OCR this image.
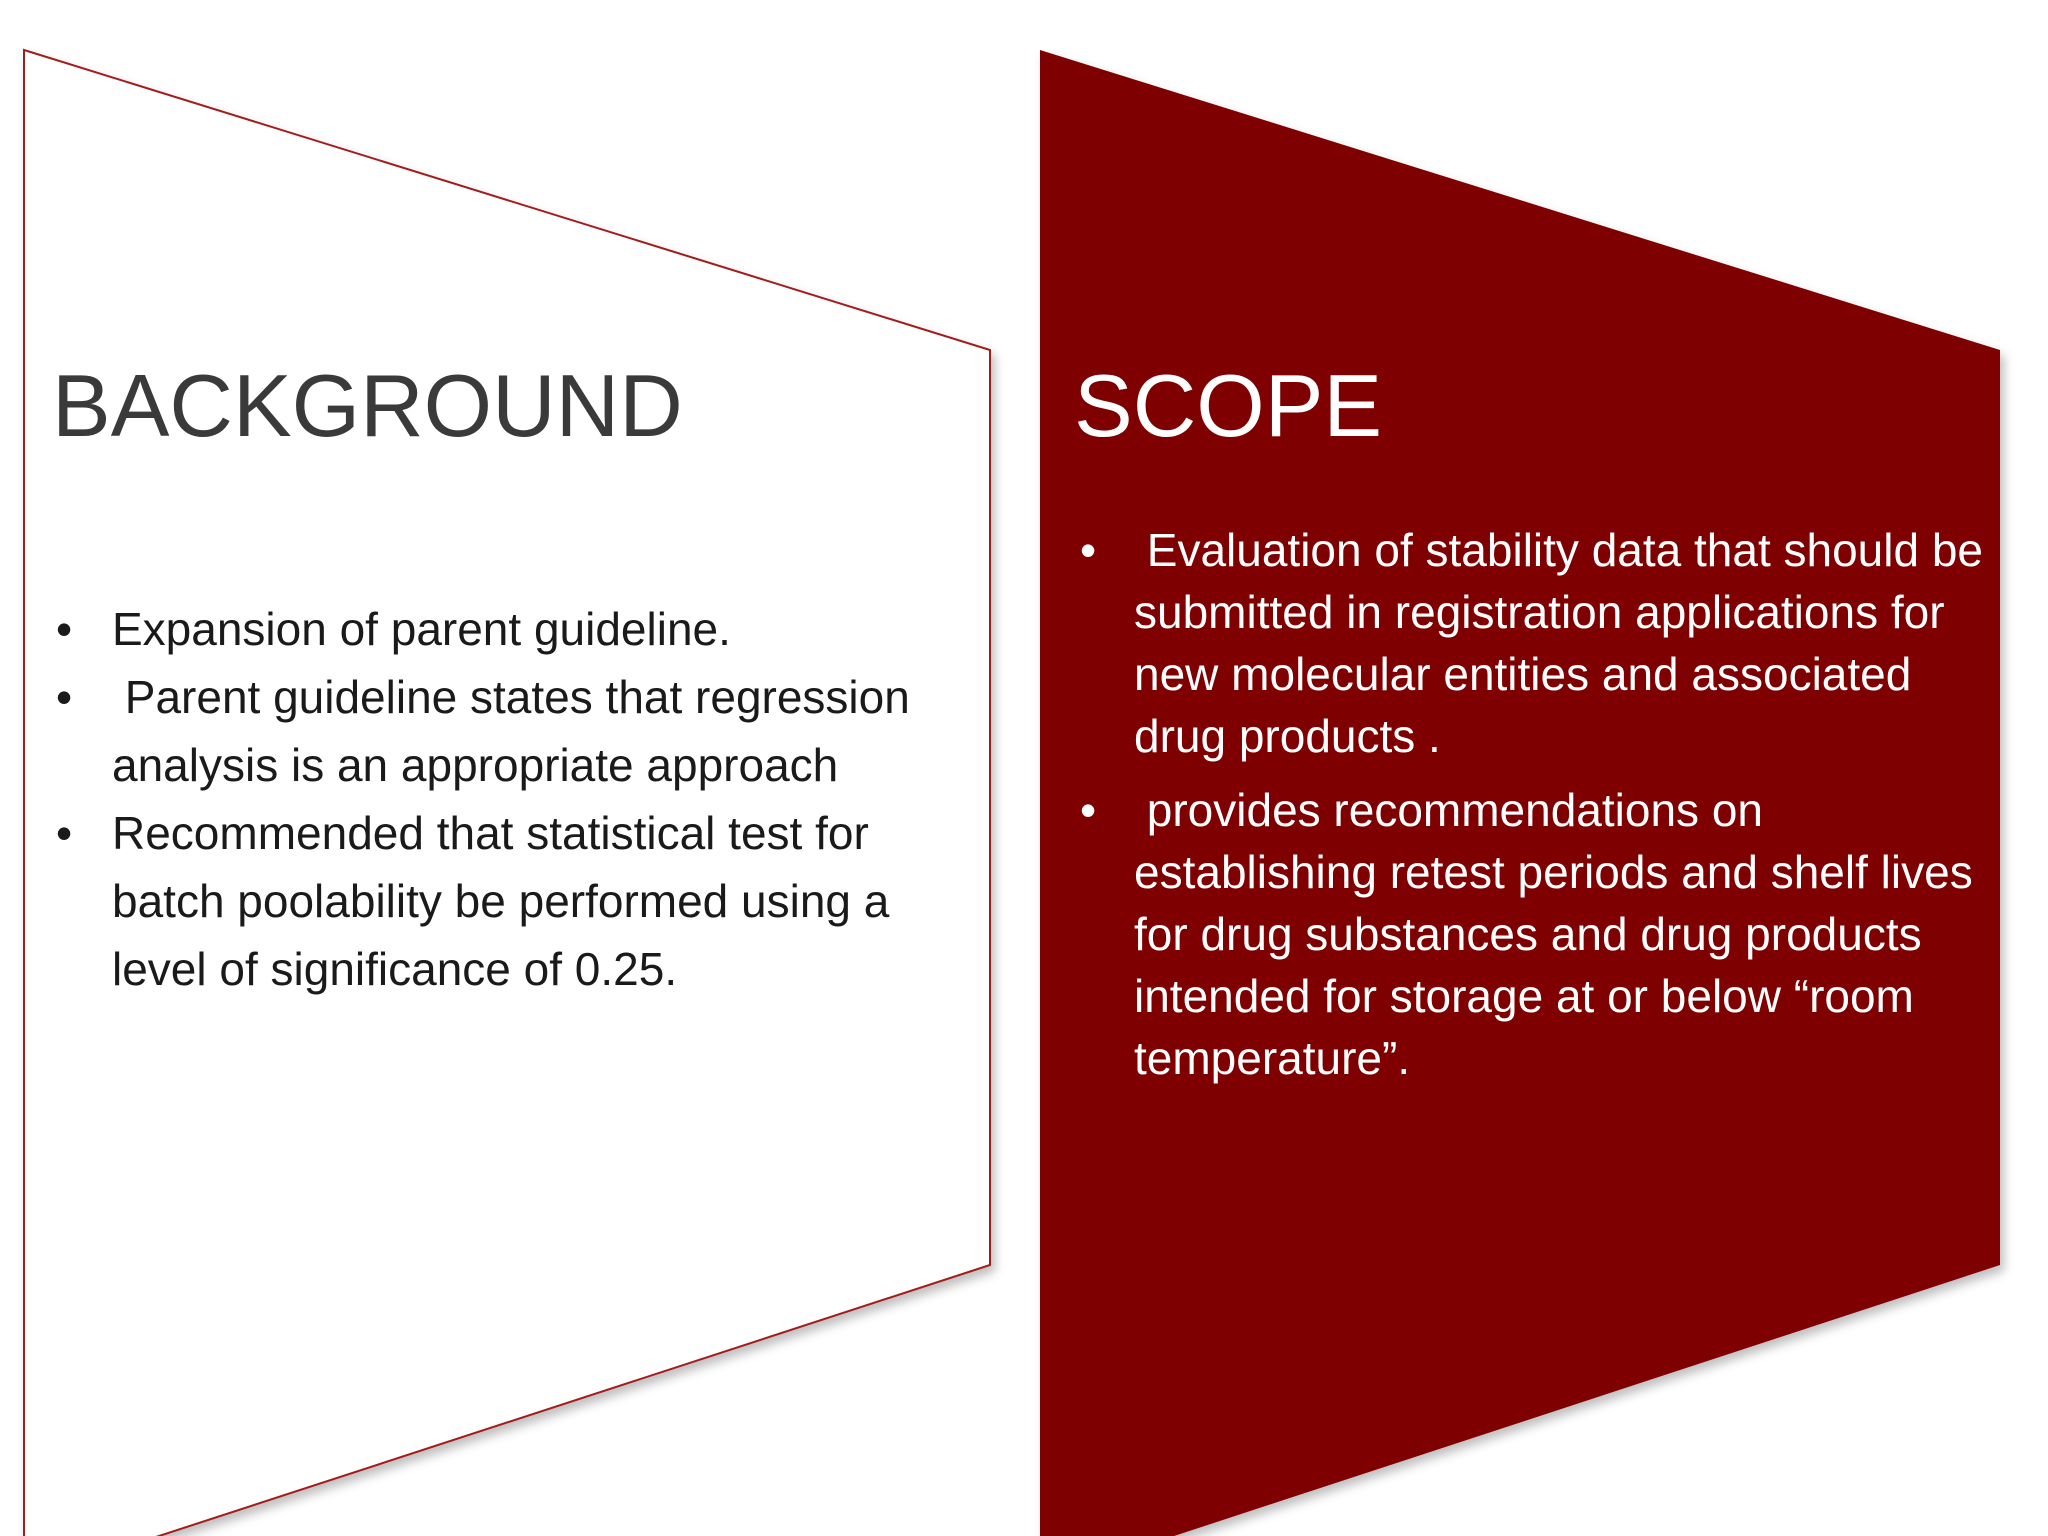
BACKGROUND
• Expansion of parent guideline.
• Parent guideline states that regression analysis is an appropriate approach
• Recommended that statistical test for batch poolability be performed using a level of significance of 0.25.
SCOPE
• Evaluation of stability data that should be submitted in registration applications for new molecular entities and associated drug products .
• provides recommendations on establishing retest periods and shelf lives for drug substances and drug products intended for storage at or below “room temperature”.
